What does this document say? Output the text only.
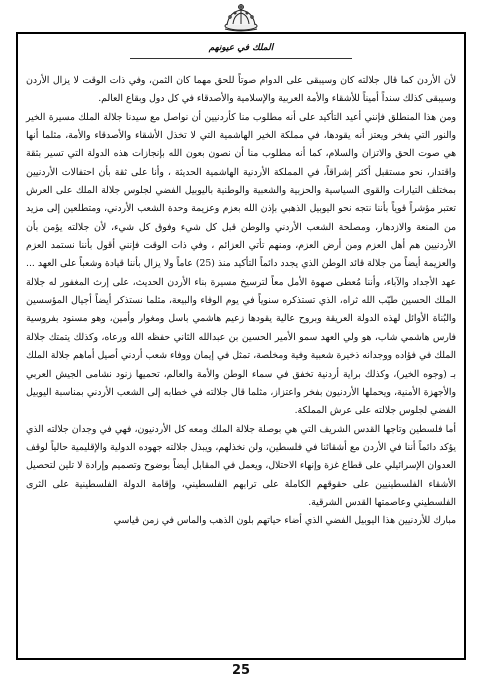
الملك في عيونهم

لأن الأردن كما قال جلالته كان وسيبقى على الدوام صوتاً للحق مهما كان الثمن، وفي ذات الوقت لا يزال الأردن وسيبقى كذلك سنداً أميناً للأشقاء والأمة العربية والإسلامية والأصدقاء في كل دول وبقاع العالم.

ومن هذا المنطلق فإنني أعيد التأكيد على أنه مطلوب منا كأردنيين أن نواصل مع سيدنا جلالة الملك مسيرة الخير والنور التي يفخر ويعتز أنه يقودها، في مملكة الخير الهاشمية التي لا تخذل الأشقاء والأصدقاء والأمة، مثلما أنها هي صوت الحق والاتزان والسلام، كما أنه مطلوب منا أن نصون بعون الله بإنجازات هذه الدولة التي تسير بثقة واقتدار، نحو مستقبل أكثر إشراقاً، في المملكة الأردنية الهاشمية الحديثة ، وأنا على ثقة بأن احتفالات الأردنيين بمختلف التيارات والقوى السياسية والحزبية والشعبية والوطنية باليوبيل الفضي لجلوس جلالة الملك على العرش تعتبر مؤشراً قوياً بأننا نتجه نحو اليوبيل الذهبي بإذن الله بعزم وعزيمة وحدة الشعب الأردني، ومتطلعين إلى مزيد من المنعة والازدهار، ومصلحة الشعب الأردني والوطن قبل كل شيء وفوق كل شيء، لأن جلالته يؤمن بأن الأردنيين هم أهل العزم ومن أرض العزم، ومنهم تأتي العزائم ، وفي ذات الوقت فإنني أقول بأننا نستمد العزم والعزيمة أيضاً من جلالة قائد الوطن الذي يجدد دائماً التأكيد منذ (25) عاماً ولا يزال بأننا قيادة وشعباً على العهد ... عهد الأجداد والآباء، وأننا مُعطى صهوة الأمل معاً لترسيخ مسيرة بناء الأردن الحديث، على إرث المغفور له جلالة الملك الحسين طيّب الله ثراه، الذي تستذكره سنوياً في يوم الوفاء والبيعة، مثلما نستذكر أيضاً أجيال المؤسسين والبُناة الأوائل لهذه الدولة العريقة وبروح عالية يقودها زعيم هاشمي باسل ومغوار وأمين، وهو مسنود بفروسية فارس هاشمي شاب، هو ولي العهد سمو الأمير الحسين بن عبدالله الثاني حفظه الله ورعاه، وكذلك يتمتك جلالة الملك في فؤاده ووجدانه ذخيرة شعبية وفية ومخلصة، تمثل في إيمان ووفاء شعب أردني أصيل أماهم جلالة الملك بـ (وجوه الخير)، وكذلك براية أردنية تخفق في سماء الوطن والأمة والعالم، تحميها زنود نشامى الجيش العربي والأجهزة الأمنية، ويحملها الأردنيون بفخر واعتزاز، مثلما قال جلالته في خطابه إلى الشعب الأردني بمناسبة اليوبيل الفضي لجلوس جلالته على عرش المملكة.

أما فلسطين وتاجها القدس الشريف التي هي بوصلة جلالة الملك ومعه كل الأردنيون، فهي في وجدان جلالته الذي يؤكد دائماً أننا في الأردن مع أشقائنا في فلسطين، ولن نخذلهم، ويبذل جلالته جهوده الدولية والإقليمية حالياً لوقف العدوان الإسرائيلي على قطاع غزة وإنهاء الاحتلال، ويعمل في المقابل أيضاً بوضوح وتصميم وإرادة لا تلين لتحصيل الأشقاء الفلسطينيين على حقوقهم الكاملة على ترابهم الفلسطيني، وإقامة الدولة الفلسطينية على الثرى الفلسطيني وعاصمتها القدس الشرقية.

مبارك للأردنيين هذا اليوبيل الفضي الذي أضاء حياتهم بلون الذهب والماس في زمن قياسي

25
